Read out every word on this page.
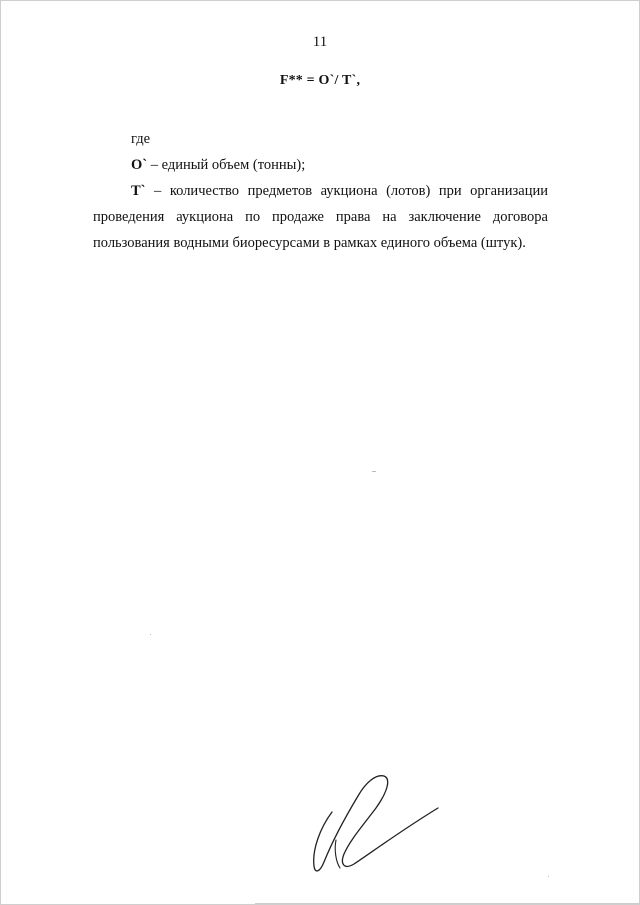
11
F** = O`/ T`,
где
O` – единый объем (тонны);
T` – количество предметов аукциона (лотов) при организации
проведения аукциона по продаже права на заключение договора
пользования водными биоресурсами в рамках единого объема (штук).
